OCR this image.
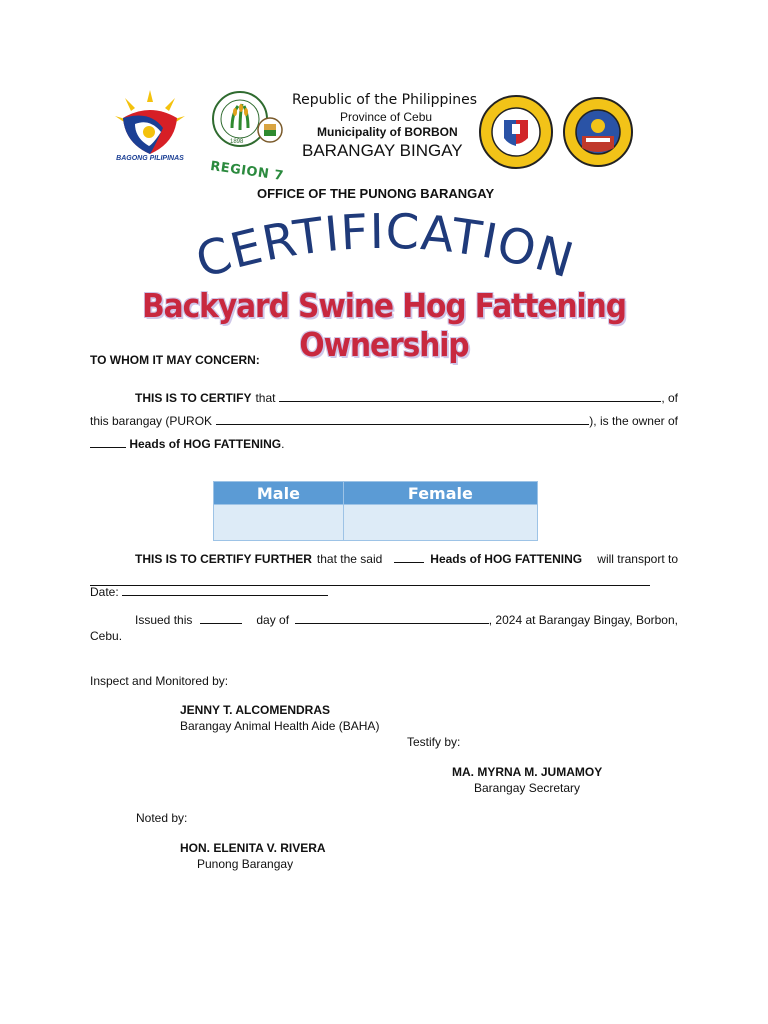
BAGONG PILIPINAS
1898
REGION 7
Republic of the Philippines
Province of Cebu
Municipality of BORBON
BARANGAY BINGAY
OFFICE OF THE PUNONG BARANGAY
CERTIFICATION
Backyard Swine Hog Fattening Ownership
TO WHOM IT MAY CONCERN:
THIS IS TO CERTIFY that	, of
this barangay (PUROK	), is the owner of
Heads of HOG FATTENING.
Male	Female

THIS IS TO CERTIFY FURTHER that the said	Heads of HOG FATTENING will transport to
Date:
Issued this	day of	, 2024 at Barangay Bingay, Borbon,
Cebu.
Inspect and Monitored by:
JENNY T. ALCOMENDRAS
Barangay Animal Health Aide (BAHA)
Testify by:
MA. MYRNA M. JUMAMOY
Barangay Secretary
Noted by:
HON. ELENITA V. RIVERA
Punong Barangay
